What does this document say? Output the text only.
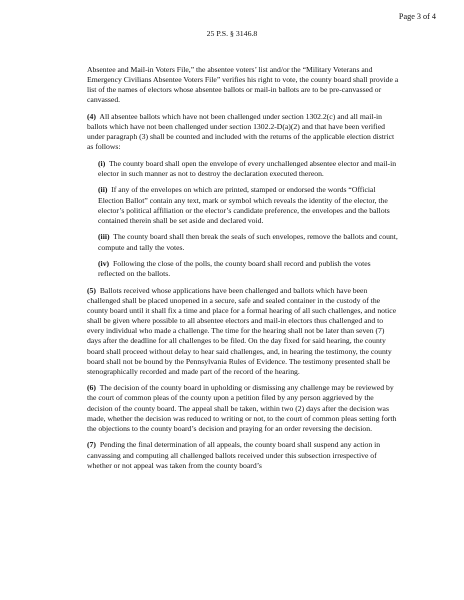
Page 3 of 4
25 P.S. § 3146.8

Absentee and Mail-in Voters File,” the absentee voters’ list and/or the “Military Veterans and Emergency Civilians Absentee Voters File” verifies his right to vote, the county board shall provide a list of the names of electors whose absentee ballots or mail-in ballots are to be pre-canvassed or canvassed.

(4) All absentee ballots which have not been challenged under section 1302.2(c) and all mail-in ballots which have not been challenged under section 1302.2-D(a)(2) and that have been verified under paragraph (3) shall be counted and included with the returns of the applicable election district as follows:

(i) The county board shall open the envelope of every unchallenged absentee elector and mail-in elector in such manner as not to destroy the declaration executed thereon.

(ii) If any of the envelopes on which are printed, stamped or endorsed the words “Official Election Ballot” contain any text, mark or symbol which reveals the identity of the elector, the elector’s political affiliation or the elector’s candidate preference, the envelopes and the ballots contained therein shall be set aside and declared void.

(iii) The county board shall then break the seals of such envelopes, remove the ballots and count, compute and tally the votes.

(iv) Following the close of the polls, the county board shall record and publish the votes reflected on the ballots.

(5) Ballots received whose applications have been challenged and ballots which have been challenged shall be placed unopened in a secure, safe and sealed container in the custody of the county board until it shall fix a time and place for a formal hearing of all such challenges, and notice shall be given where possible to all absentee electors and mail-in electors thus challenged and to every individual who made a challenge. The time for the hearing shall not be later than seven (7) days after the deadline for all challenges to be filed. On the day fixed for said hearing, the county board shall proceed without delay to hear said challenges, and, in hearing the testimony, the county board shall not be bound by the Pennsylvania Rules of Evidence. The testimony presented shall be stenographically recorded and made part of the record of the hearing.

(6) The decision of the county board in upholding or dismissing any challenge may be reviewed by the court of common pleas of the county upon a petition filed by any person aggrieved by the decision of the county board. The appeal shall be taken, within two (2) days after the decision was made, whether the decision was reduced to writing or not, to the court of common pleas setting forth the objections to the county board’s decision and praying for an order reversing the decision.

(7) Pending the final determination of all appeals, the county board shall suspend any action in canvassing and computing all challenged ballots received under this subsection irrespective of whether or not appeal was taken from the county board’s
